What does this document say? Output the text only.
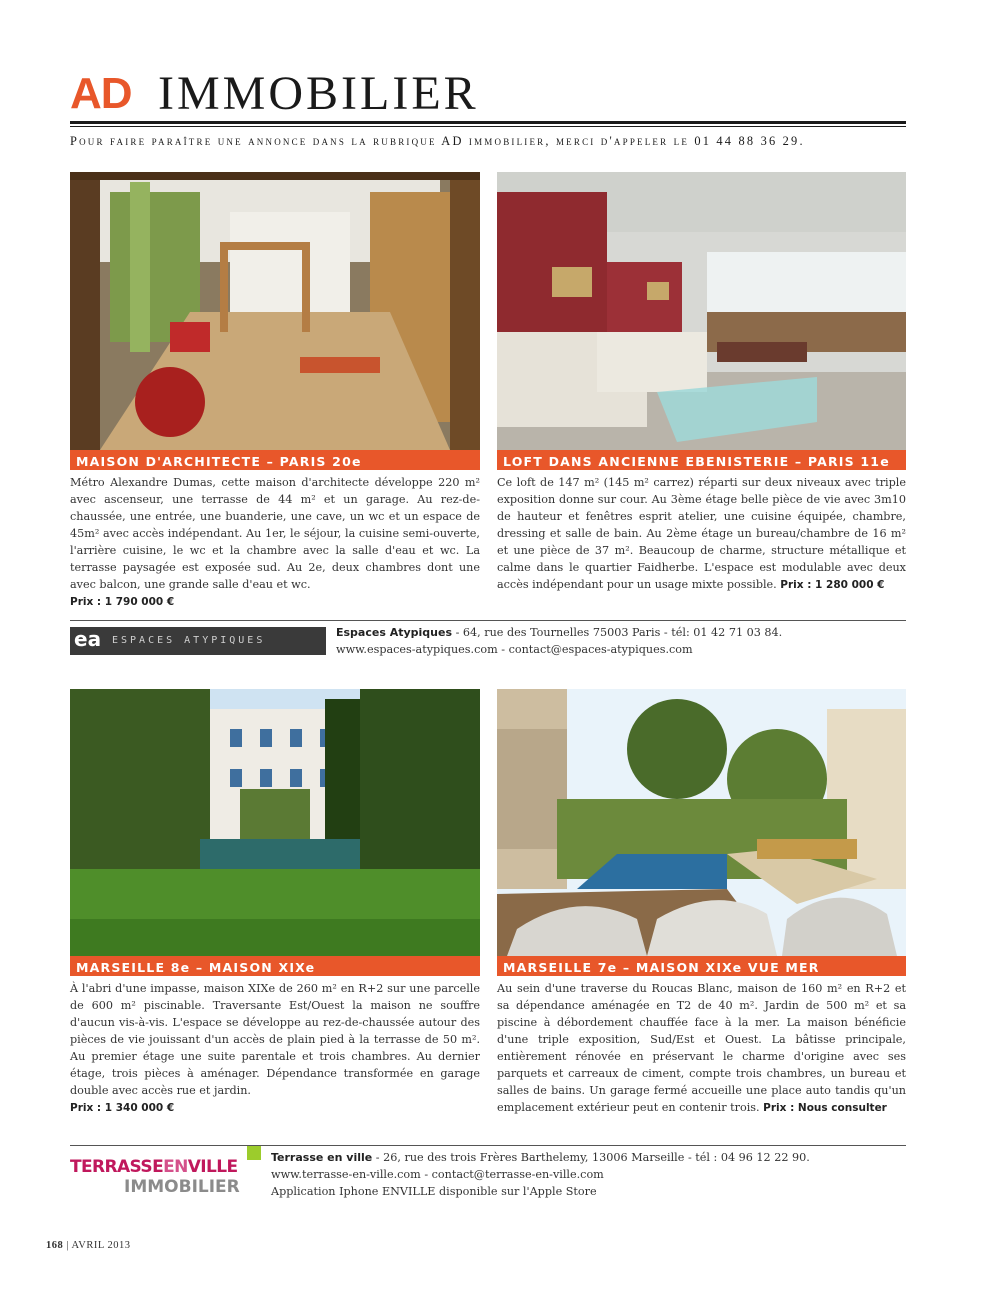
AD IMMOBILIER
Pour faire paraître une annonce dans la rubrique AD immobilier, merci d'appeler le 01 44 88 36 29.
MAISON D'ARCHITECTE – PARIS 20e
Métro Alexandre Dumas, cette maison d'architecte développe 220 m² avec ascenseur, une terrasse de 44 m² et un garage. Au rez-de-chaussée, une entrée, une buanderie, une cave, un wc et un espace de 45m² avec accès indépendant. Au 1er, le séjour, la cuisine semi-ouverte, l'arrière cuisine, le wc et la chambre avec la salle d'eau et wc. La terrasse paysagée est exposée sud. Au 2e, deux chambres dont une avec balcon, une grande salle d'eau et wc.
Prix : 1 790 000 €
LOFT DANS ANCIENNE EBENISTERIE – PARIS 11e
Ce loft de 147 m² (145 m² carrez) réparti sur deux niveaux avec triple exposition donne sur cour. Au 3ème étage belle pièce de vie avec 3m10 de hauteur et fenêtres esprit atelier, une cuisine équipée, chambre, dressing et salle de bain. Au 2ème étage un bureau/chambre de 16 m² et une pièce de 37 m². Beaucoup de charme, structure métallique et calme dans le quartier Faidherbe. L'espace est modulable avec deux accès indépendant pour un usage mixte possible. Prix : 1 280 000 €
ea ESPACES ATYPIQUES
Espaces Atypiques - 64, rue des Tournelles 75003 Paris - tél: 01 42 71 03 84.
www.espaces-atypiques.com - contact@espaces-atypiques.com
MARSEILLE 8e – MAISON XIXe
À l'abri d'une impasse, maison XIXe de 260 m² en R+2 sur une parcelle de 600 m² piscinable. Traversante Est/Ouest la maison ne souffre d'aucun vis-à-vis. L'espace se développe au rez-de-chaussée autour des pièces de vie jouissant d'un accès de plain pied à la terrasse de 50 m². Au premier étage une suite parentale et trois chambres. Au dernier étage, trois pièces à aménager. Dépendance transformée en garage double avec accès rue et jardin.
Prix : 1 340 000 €
MARSEILLE 7e – MAISON XIXe VUE MER
Au sein d'une traverse du Roucas Blanc, maison de 160 m² en R+2 et sa dépendance aménagée en T2 de 40 m². Jardin de 500 m² et sa piscine à débordement chauffée face à la mer. La maison bénéficie d'une triple exposition, Sud/Est et Ouest. La bâtisse principale, entièrement rénovée en préservant le charme d'origine avec ses parquets et carreaux de ciment, compte trois chambres, un bureau et salles de bains. Un garage fermé accueille une place auto tandis qu'un emplacement extérieur peut en contenir trois. Prix : Nous consulter
TERRASSEENVILLE
IMMOBILIER
Terrasse en ville - 26, rue des trois Frères Barthelemy, 13006 Marseille - tél : 04 96 12 22 90.
www.terrasse-en-ville.com - contact@terrasse-en-ville.com
Application Iphone ENVILLE disponible sur l'Apple Store
168 | AVRIL 2013
